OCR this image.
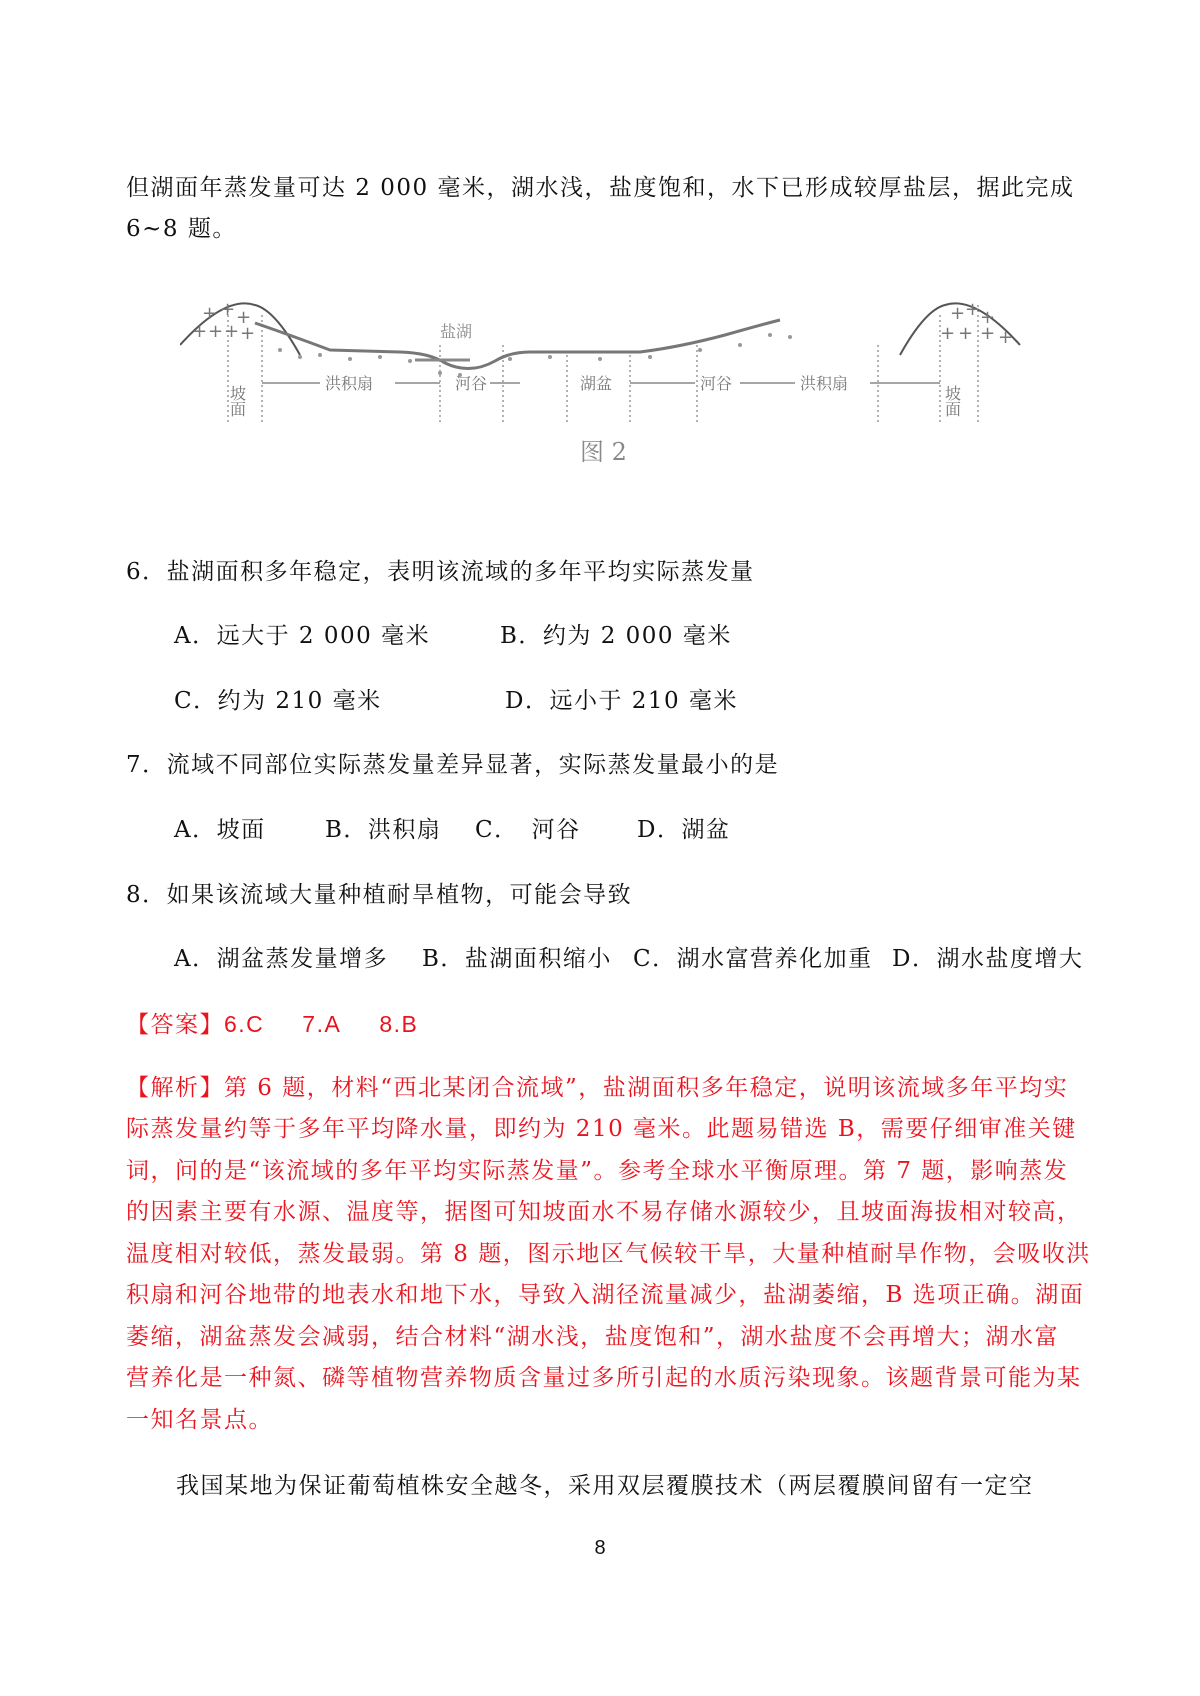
但湖面年蒸发量可达 2 000 毫米，湖水浅，盐度饱和，水下已形成较厚盐层，据此完成
6~8 题。
+ + +
+ + + +
+ + +
+ + + +
盐湖
坡面
洪积扇	河谷	湖盆	河谷	洪积扇
坡面
图 2
6．盐湖面积多年稳定，表明该流域的多年平均实际蒸发量
A．远大于 2 000 毫米	B．约为 2 000 毫米
C．约为 210 毫米	D．远小于 210 毫米
7．流域不同部位实际蒸发量差异显著，实际蒸发量最小的是
A．坡面	B．洪积扇 C．　河谷 D．湖盆
8．如果该流域大量种植耐旱植物，可能会导致
A．湖盆蒸发量增多 B．盐湖面积缩小 C．湖水富营养化加重 D．湖水盐度增大
【答案】6.C 7.A 8.B
【解析】第 6 题，材料“西北某闭合流域”，盐湖面积多年稳定，说明该流域多年平均实
际蒸发量约等于多年平均降水量，即约为 210 毫米。此题易错选 B，需要仔细审准关键
词，问的是“该流域的多年平均实际蒸发量”。参考全球水平衡原理。第 7 题，影响蒸发
的因素主要有水源、温度等，据图可知坡面水不易存储水源较少，且坡面海拔相对较高，
温度相对较低，蒸发最弱。第 8 题，图示地区气候较干旱，大量种植耐旱作物，会吸收洪
积扇和河谷地带的地表水和地下水，导致入湖径流量减少，盐湖萎缩，B 选项正确。湖面
萎缩，湖盆蒸发会减弱，结合材料“湖水浅，盐度饱和”，湖水盐度不会再增大；湖水富
营养化是一种氮、磷等植物营养物质含量过多所引起的水质污染现象。该题背景可能为某
一知名景点。
我国某地为保证葡萄植株安全越冬，采用双层覆膜技术（两层覆膜间留有一定空
8
